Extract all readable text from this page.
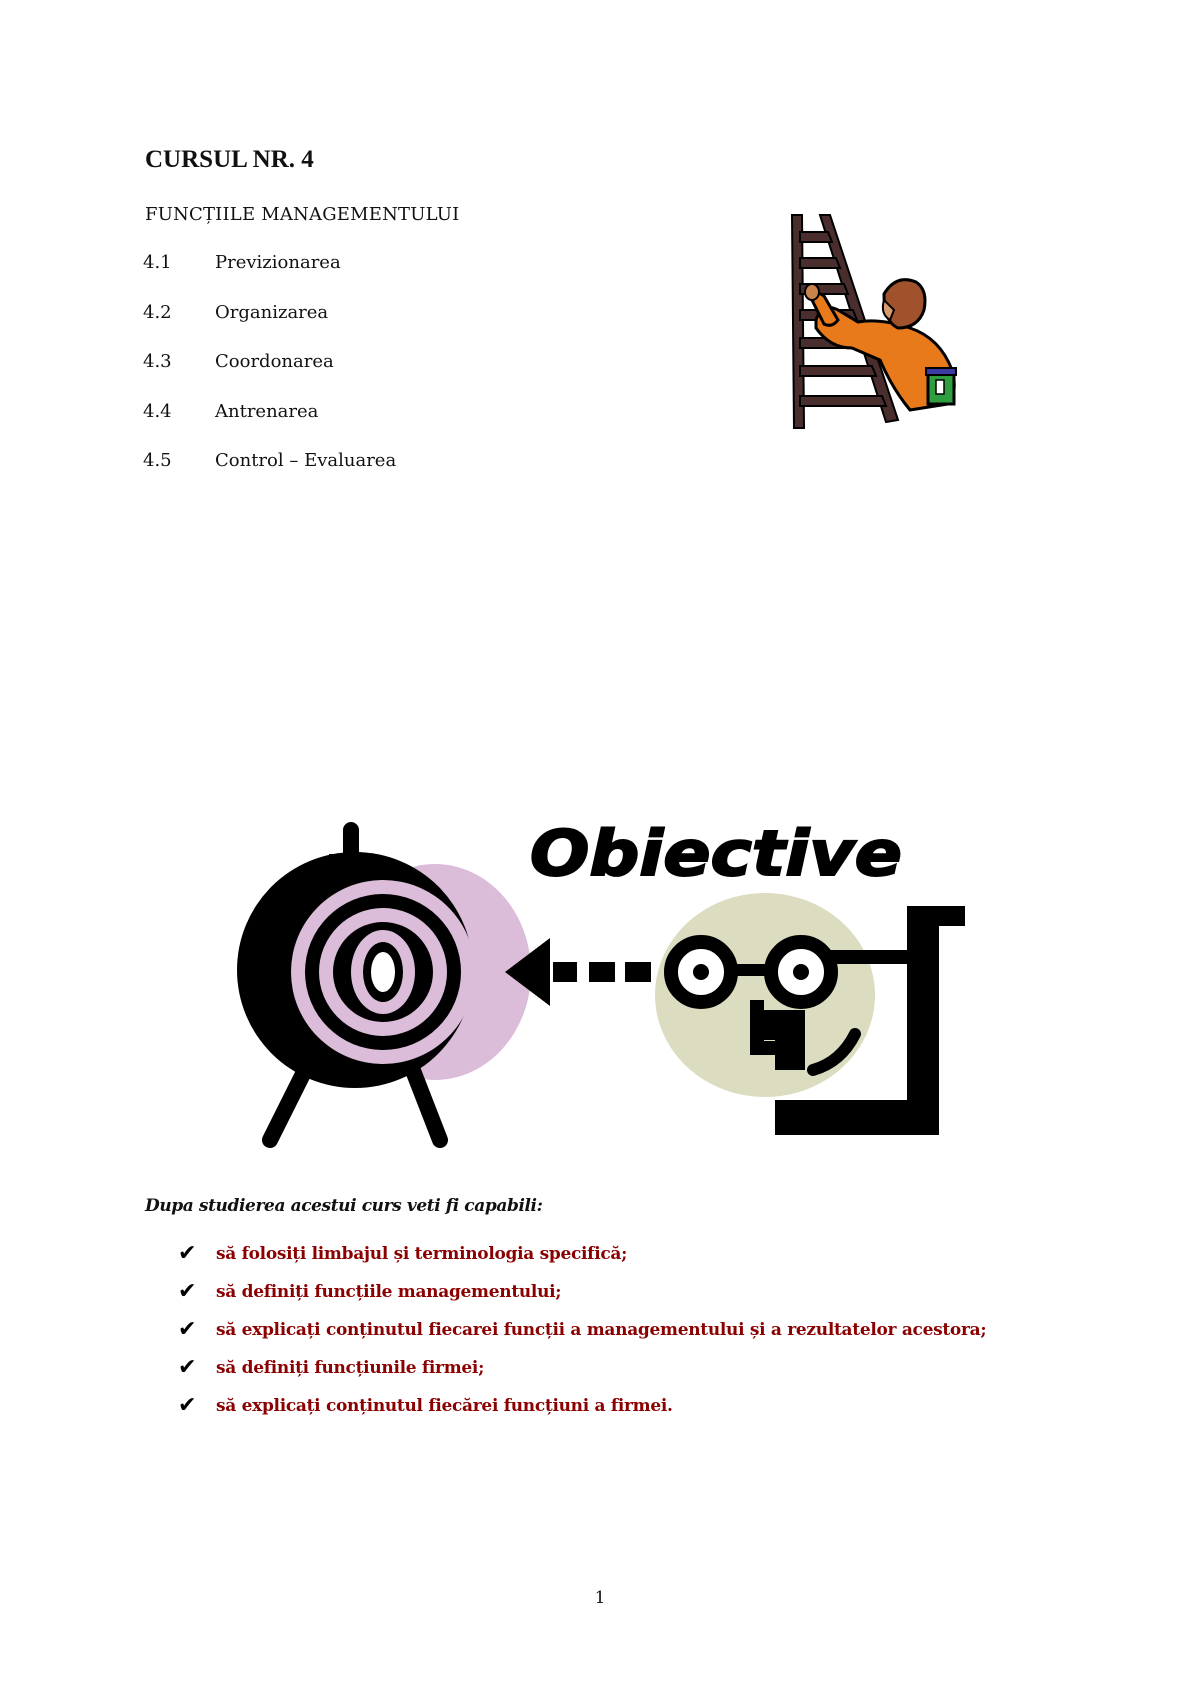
CURSUL NR. 4
FUNCȚIILE MANAGEMENTULUI
4.1 Previzionarea
4.2 Organizarea
4.3 Coordonarea
4.4 Antrenarea
4.5 Control – Evaluarea
Obiective
Dupa studierea acestui curs veti fi capabili:
✔	să folosiți limbajul și terminologia specifică;
✔	să definiți funcțiile managementului;
✔	să explicați conținutul fiecarei funcții a managementului și a rezultatelor acestora;
✔	să definiți funcțiunile firmei;
✔	să explicați conținutul fiecărei funcțiuni a firmei.
1
